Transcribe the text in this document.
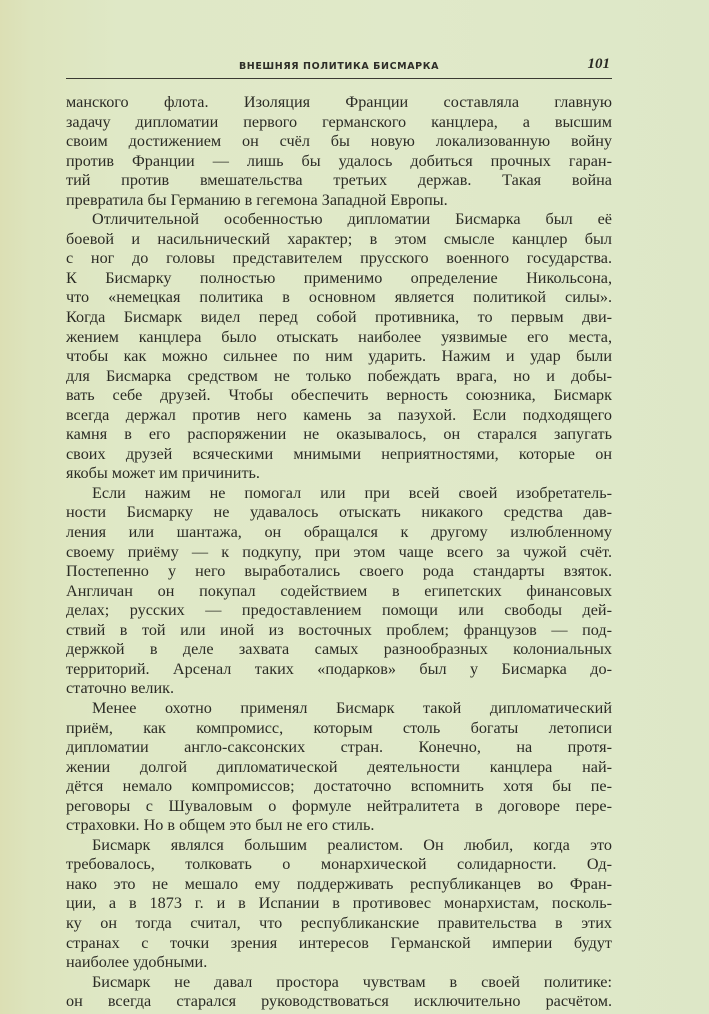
ВНЕШНЯЯ ПОЛИТИКА БИСМАРКА	101
манского флота. Изоляция Франции составляла главную
задачу дипломатии первого германского канцлера, а высшим
своим достижением он счёл бы новую локализованную войну
против Франции — лишь бы удалось добиться прочных гаран-
тий против вмешательства третьих держав. Такая война
превратила бы Германию в гегемона Западной Европы.
Отличительной особенностью дипломатии Бисмарка был её
боевой и насильнический характер; в этом смысле канцлер был
с ног до головы представителем прусского военного государства.
К Бисмарку полностью применимо определение Никольсона,
что «немецкая политика в основном является политикой силы».
Когда Бисмарк видел перед собой противника, то первым дви-
жением канцлера было отыскать наиболее уязвимые его места,
чтобы как можно сильнее по ним ударить. Нажим и удар были
для Бисмарка средством не только побеждать врага, но и добы-
вать себе друзей. Чтобы обеспечить верность союзника, Бисмарк
всегда держал против него камень за пазухой. Если подходящего
камня в его распоряжении не оказывалось, он старался запугать
своих друзей всяческими мнимыми неприятностями, которые он
якобы может им причинить.
Если нажим не помогал или при всей своей изобретатель-
ности Бисмарку не удавалось отыскать никакого средства дав-
ления или шантажа, он обращался к другому излюбленному
своему приёму — к подкупу, при этом чаще всего за чужой счёт.
Постепенно у него выработались своего рода стандарты взяток.
Англичан он покупал содействием в египетских финансовых
делах; русских — предоставлением помощи или свободы дей-
ствий в той или иной из восточных проблем; французов — под-
держкой в деле захвата самых разнообразных колониальных
территорий. Арсенал таких «подарков» был у Бисмарка до-
статочно велик.
Менее охотно применял Бисмарк такой дипломатический
приём, как компромисс, которым столь богаты летописи
дипломатии англо-саксонских стран. Конечно, на протя-
жении долгой дипломатической деятельности канцлера най-
дётся немало компромиссов; достаточно вспомнить хотя бы пе-
реговоры с Шуваловым о формуле нейтралитета в договоре пере-
страховки. Но в общем это был не его стиль.
Бисмарк являлся большим реалистом. Он любил, когда это
требовалось, толковать о монархической солидарности. Од-
нако это не мешало ему поддерживать республиканцев во Фран-
ции, а в 1873 г. и в Испании в противовес монархистам, посколь-
ку он тогда считал, что республиканские правительства в этих
странах с точки зрения интересов Германской империи будут
наиболее удобными.
Бисмарк не давал простора чувствам в своей политике:
он всегда старался руководствоваться исключительно расчётом.
